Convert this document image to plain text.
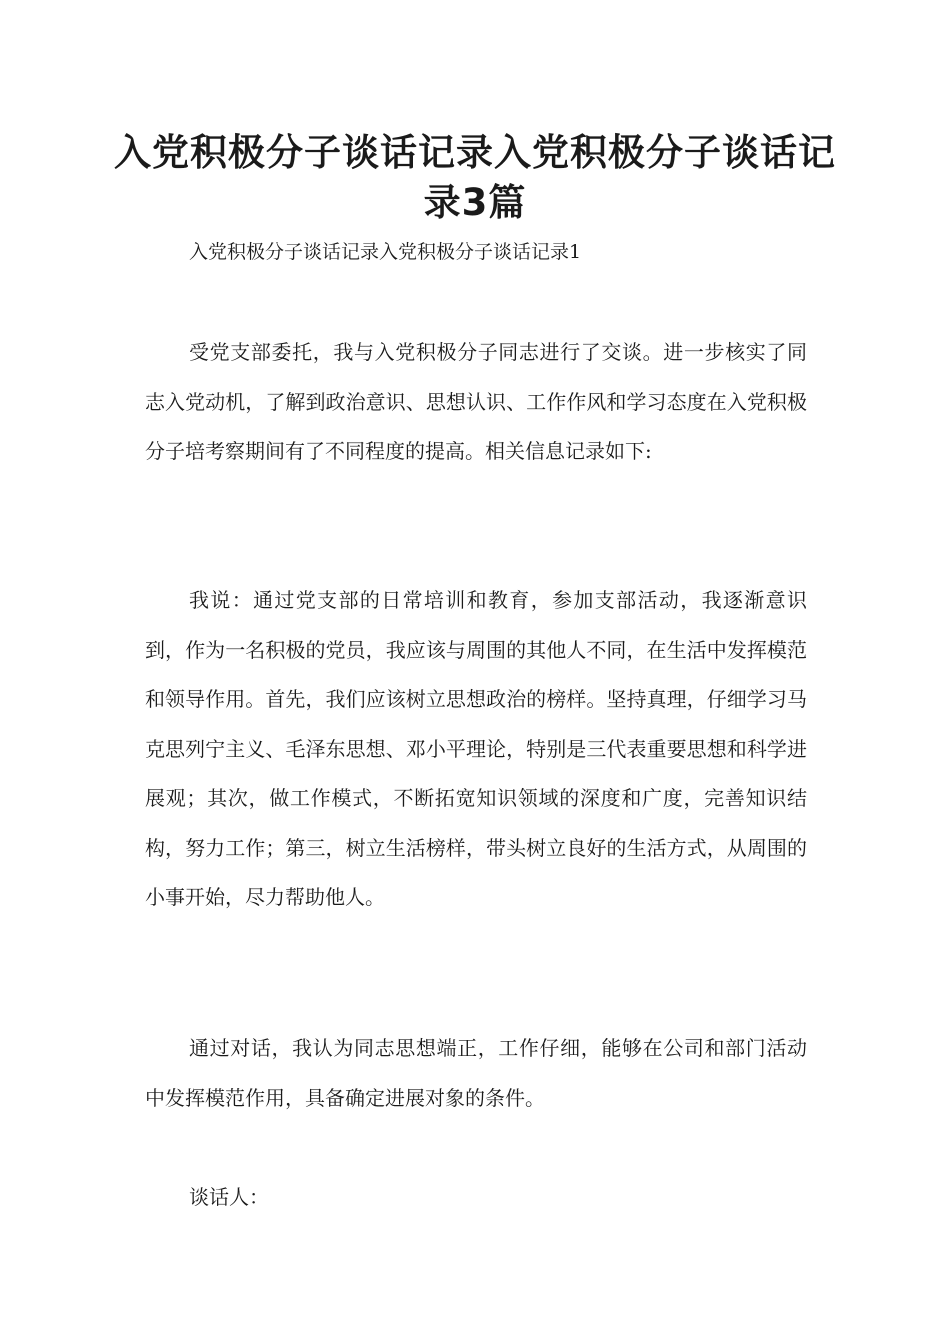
入党积极分子谈话记录入党积极分子谈话记录3篇

入党积极分子谈话记录入党积极分子谈话记录1

受党支部委托，我与入党积极分子同志进行了交谈。进一步核实了同志入党动机，了解到政治意识、思想认识、工作作风和学习态度在入党积极分子培考察期间有了不同程度的提高。相关信息记录如下:

我说：通过党支部的日常培训和教育，参加支部活动，我逐渐意识到，作为一名积极的党员，我应该与周围的其他人不同，在生活中发挥模范和领导作用。首先，我们应该树立思想政治的榜样。坚持真理，仔细学习马克思列宁主义、毛泽东思想、邓小平理论，特别是三代表重要思想和科学进展观；其次，做工作模式，不断拓宽知识领域的深度和广度，完善知识结构，努力工作；第三，树立生活榜样，带头树立良好的生活方式，从周围的小事开始，尽力帮助他人。

通过对话，我认为同志思想端正，工作仔细，能够在公司和部门活动中发挥模范作用，具备确定进展对象的条件。

谈话人：
